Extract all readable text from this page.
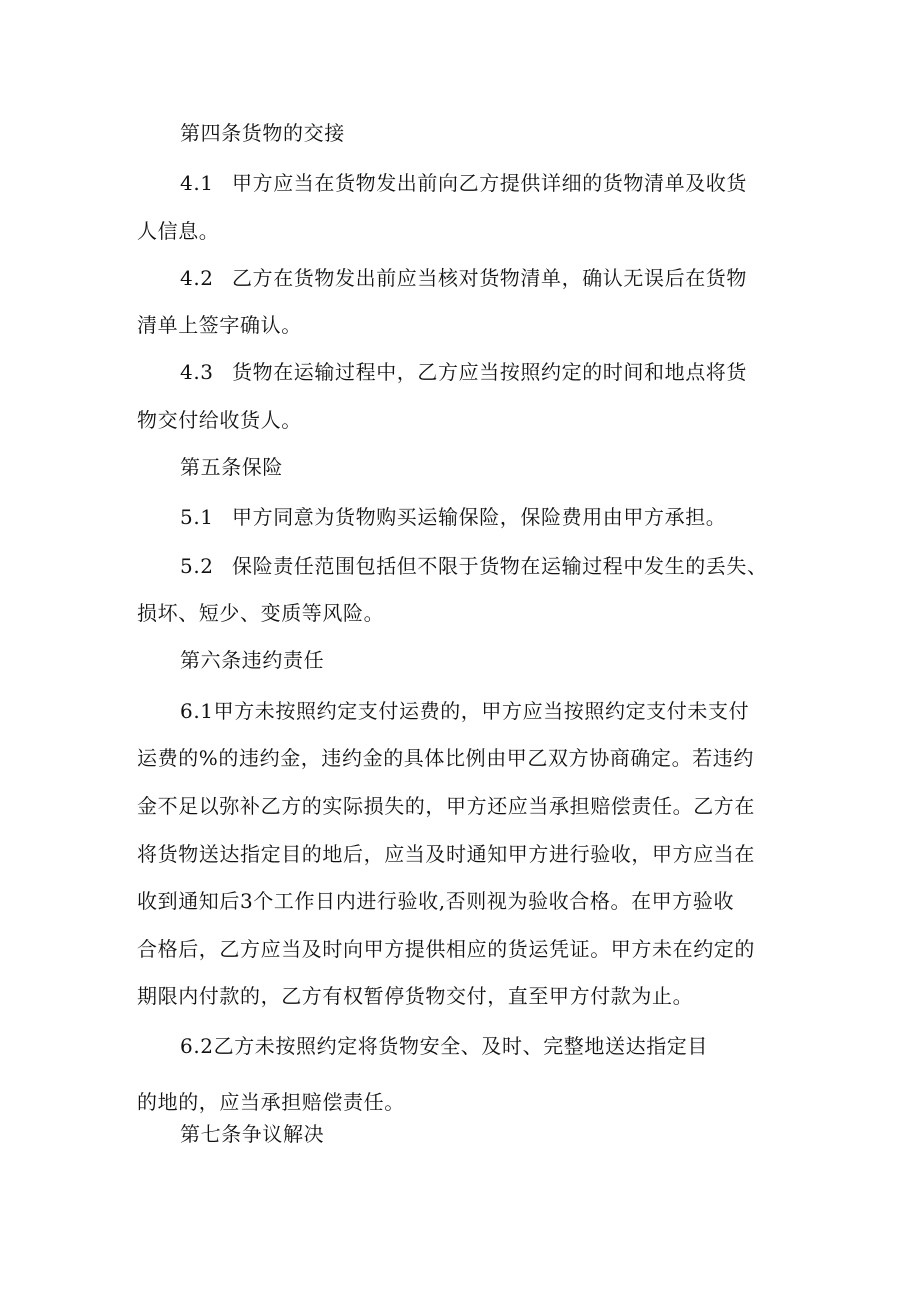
第四条货物的交接
4.1 甲方应当在货物发出前向乙方提供详细的货物清单及收货
人信息。
4.2 乙方在货物发出前应当核对货物清单，确认无误后在货物
清单上签字确认。
4.3 货物在运输过程中，乙方应当按照约定的时间和地点将货
物交付给收货人。
第五条保险
5.1 甲方同意为货物购买运输保险，保险费用由甲方承担。
5.2 保险责任范围包括但不限于货物在运输过程中发生的丢失、
损坏、短少、变质等风险。
第六条违约责任
6.1甲方未按照约定支付运费的，甲方应当按照约定支付未支付
运费的%的违约金，违约金的具体比例由甲乙双方协商确定。若违约
金不足以弥补乙方的实际损失的，甲方还应当承担赔偿责任。乙方在
将货物送达指定目的地后，应当及时通知甲方进行验收，甲方应当在
收到通知后3个工作日内进行验收,否则视为验收合格。在甲方验收
合格后，乙方应当及时向甲方提供相应的货运凭证。甲方未在约定的
期限内付款的，乙方有权暂停货物交付，直至甲方付款为止。
6.2乙方未按照约定将货物安全、及时、完整地送达指定目
的地的，应当承担赔偿责任。
第七条争议解决
